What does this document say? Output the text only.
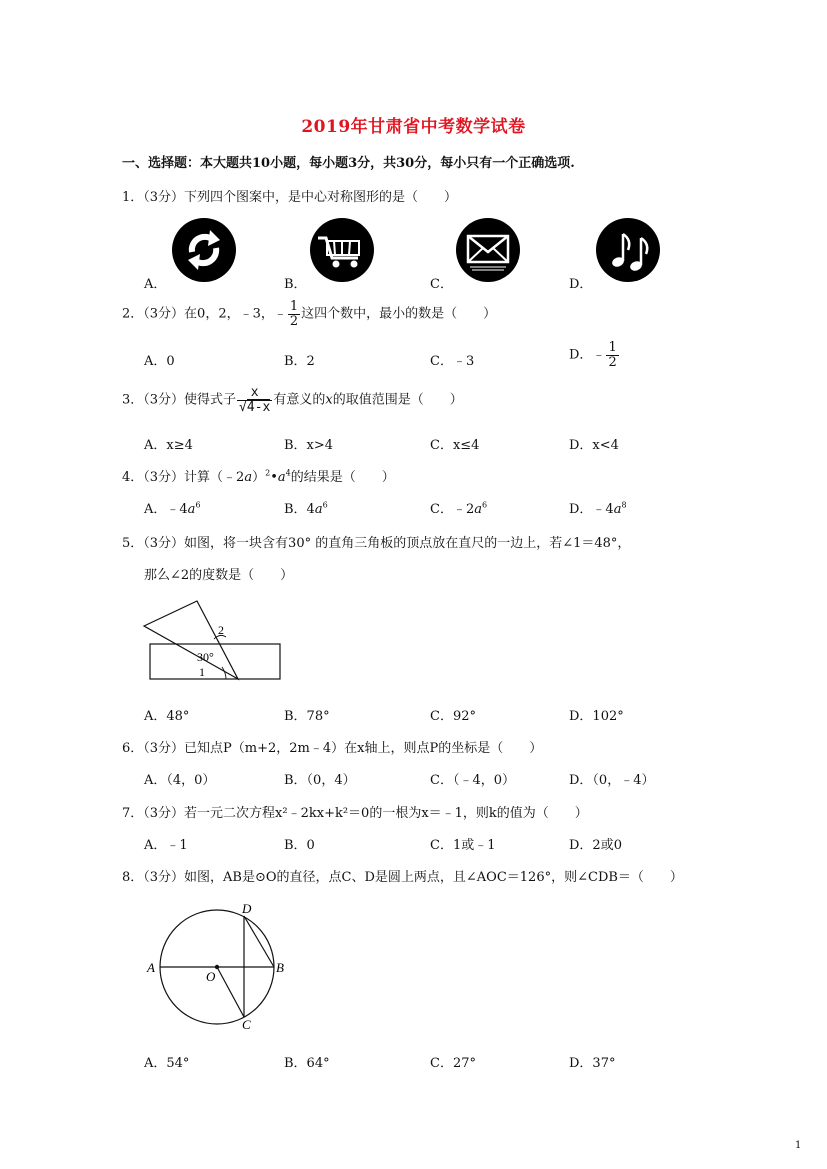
2019年甘肃省中考数学试卷
一、选择题：本大题共10小题，每小题3分，共30分，每小只有一个正确选项.
1．（3分）下列四个图案中，是中心对称图形的是（　　）
A．	B．	C．	D．
2．（3分）在0，2，﹣3，﹣ $\frac{1}{2}$ 这四个数中，最小的数是（　　）
A．0	B．2	C．﹣3	D．﹣ $\frac{1}{2}$
3．（3分）使得式子 $\frac{x}{√4-x}$ 有意义的x的取值范围是（　　）
A．x≥4	B．x>4	C．x≤4	D．x<4
4．（3分）计算$(﹣2a)^2•a^4$的结果是（　　）
A．$﹣4a^6$	B．$4a^6$	C．$﹣2a^6$	D．$﹣4a^8$
5．（3分）如图，将一块含有30° 的直角三角板的顶点放在直尺的一边上，若∠1＝48°，
那么∠2的度数是（　　）
2
30°
1
A．48°	B．78°	C．92°	D．102°
6．（3分）已知点P（m+2，2m﹣4）在x轴上，则点P的坐标是（　　）
A．（4，0）	B．（0，4）	C．（﹣4，0）	D．（0，﹣4）
7．（3分）若一元二次方程x²﹣2kx+k²＝0的一根为x＝﹣1，则k的值为（　　）
A．﹣1	B．0	C．1或﹣1	D．2或0
8．（3分）如图，AB是⊙O的直径，点C、D是圆上两点，且∠AOC＝126°，则∠CDB＝（　　）
A	B
C
D
O
A．54°	B．64°	C．27°	D．37°
1
